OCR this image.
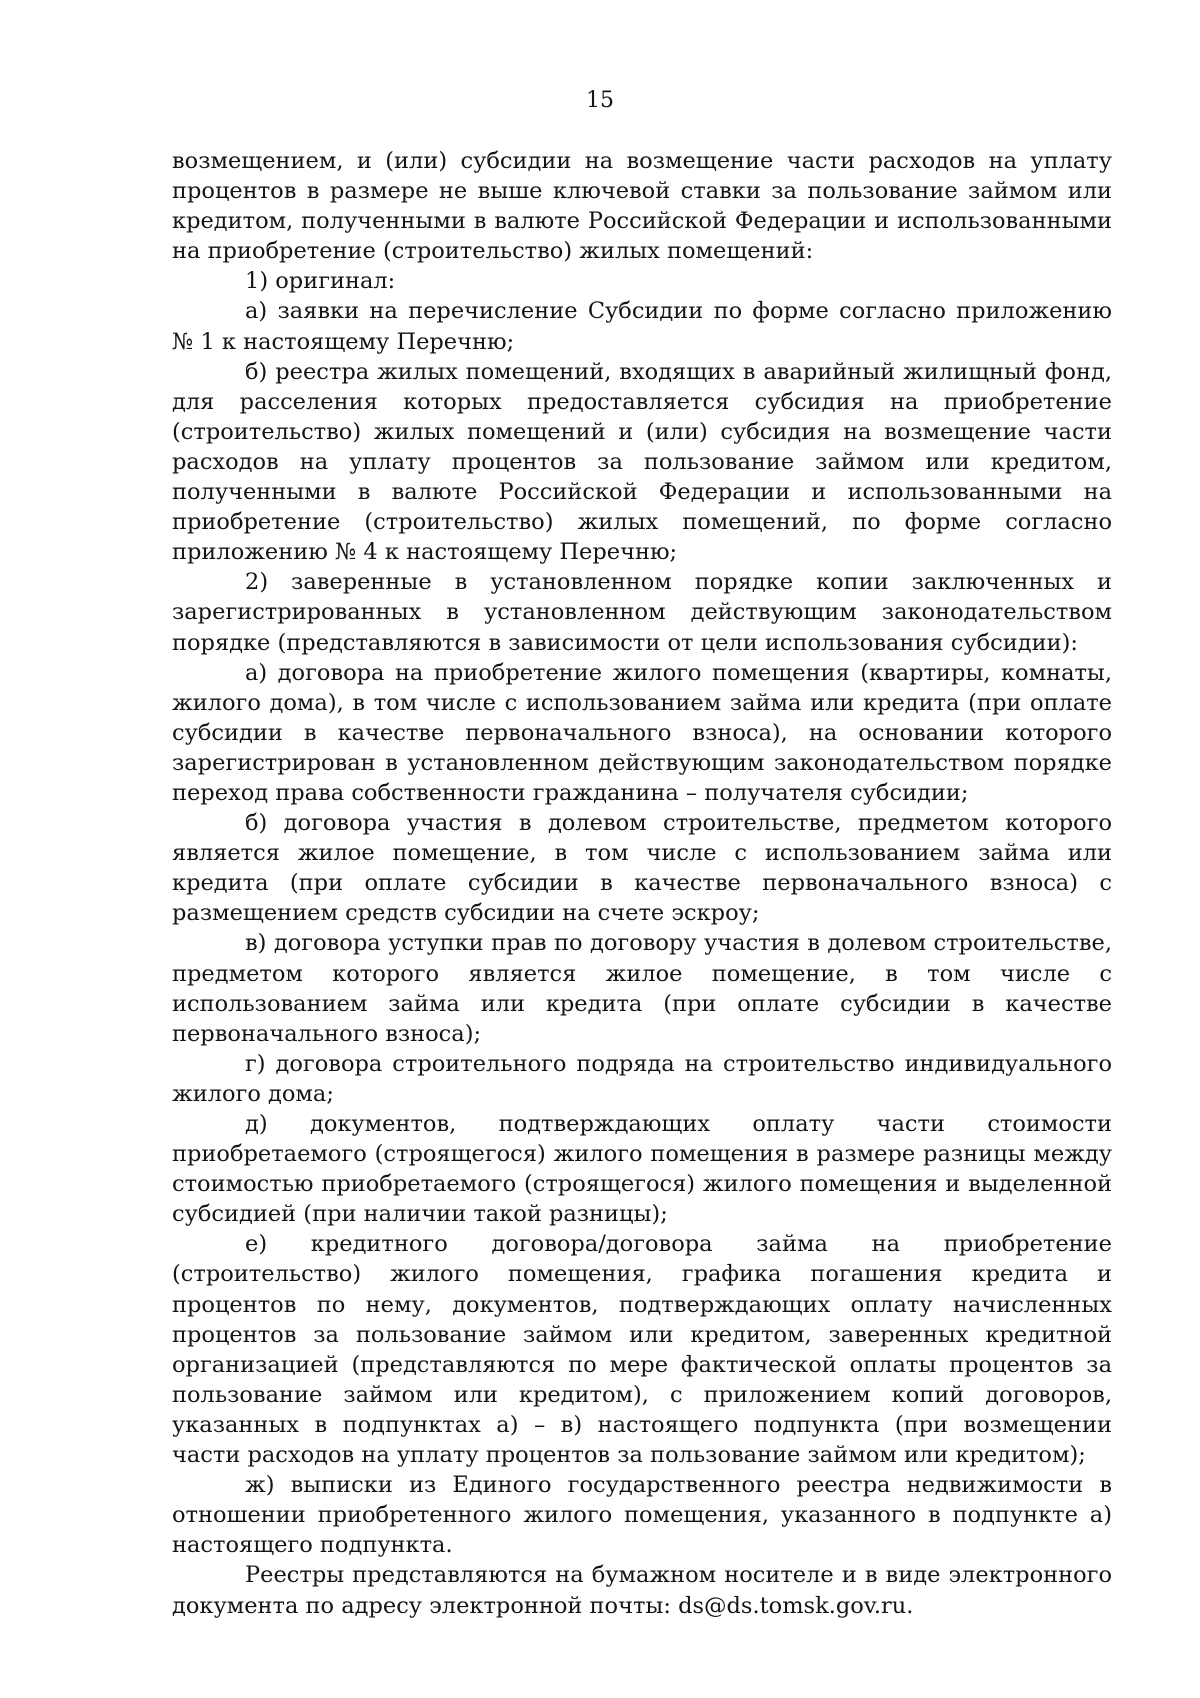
15

возмещением, и (или) субсидии на возмещение части расходов на уплату процентов в размере не выше ключевой ставки за пользование займом или кредитом, полученными в валюте Российской Федерации и использованными на приобретение (строительство) жилых помещений:

1) оригинал:

а) заявки на перечисление Субсидии по форме согласно приложению № 1 к настоящему Перечню;

б) реестра жилых помещений, входящих в аварийный жилищный фонд, для расселения которых предоставляется субсидия на приобретение (строительство) жилых помещений и (или) субсидия на возмещение части расходов на уплату процентов за пользование займом или кредитом, полученными в валюте Российской Федерации и использованными на приобретение (строительство) жилых помещений, по форме согласно приложению № 4 к настоящему Перечню;

2) заверенные в установленном порядке копии заключенных и зарегистрированных в установленном действующим законодательством порядке (представляются в зависимости от цели использования субсидии):

а) договора на приобретение жилого помещения (квартиры, комнаты, жилого дома), в том числе с использованием займа или кредита (при оплате субсидии в качестве первоначального взноса), на основании которого зарегистрирован в установленном действующим законодательством порядке переход права собственности гражданина – получателя субсидии;

б) договора участия в долевом строительстве, предметом которого является жилое помещение, в том числе с использованием займа или кредита (при оплате субсидии в качестве первоначального взноса) с размещением средств субсидии на счете эскроу;

в) договора уступки прав по договору участия в долевом строительстве, предметом которого является жилое помещение, в том числе с использованием займа или кредита (при оплате субсидии в качестве первоначального взноса);

г) договора строительного подряда на строительство индивидуального жилого дома;

д) документов, подтверждающих оплату части стоимости приобретаемого (строящегося) жилого помещения в размере разницы между стоимостью приобретаемого (строящегося) жилого помещения и выделенной субсидией (при наличии такой разницы);

е) кредитного договора/договора займа на приобретение (строительство) жилого помещения, графика погашения кредита и процентов по нему, документов, подтверждающих оплату начисленных процентов за пользование займом или кредитом, заверенных кредитной организацией (представляются по мере фактической оплаты процентов за пользование займом или кредитом), с приложением копий договоров, указанных в подпунктах а) – в) настоящего подпункта (при возмещении части расходов на уплату процентов за пользование займом или кредитом);

ж) выписки из Единого государственного реестра недвижимости в отношении приобретенного жилого помещения, указанного в подпункте а) настоящего подпункта.

Реестры представляются на бумажном носителе и в виде электронного документа по адресу электронной почты: ds@ds.tomsk.gov.ru.
